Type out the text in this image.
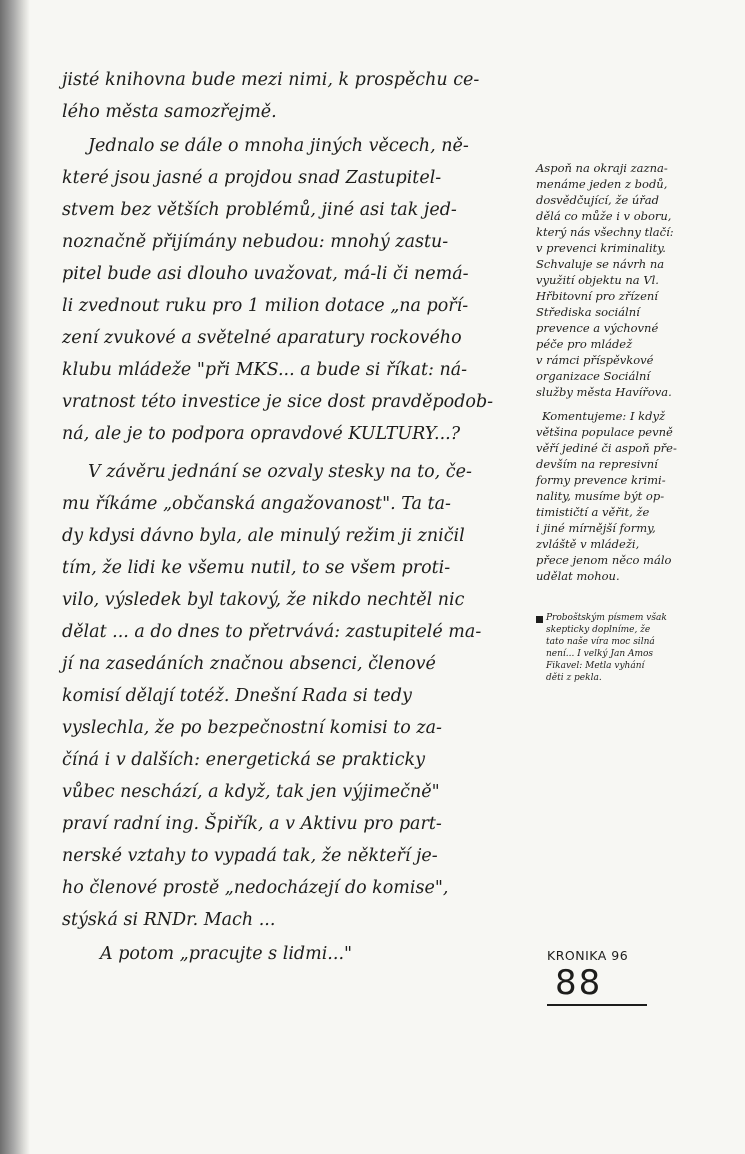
jisté knihovna bude mezi nimi, k prospěchu ce-
lého města samozřejmě.
Jednalo se dále o mnoha jiných věcech, ně-
které jsou jasné a projdou snad Zastupitel-
stvem bez větších problémů, jiné asi tak jed-
noznačně přijímány nebudou: mnohý zastu-
pitel bude asi dlouho uvažovat, má-li či nemá-
li zvednout ruku pro 1 milion dotace „na poří-
zení zvukové a světelné aparatury rockového
klubu mládeže "při MKS... a bude si říkat: ná-
vratnost této investice je sice dost pravděpodob-
ná, ale je to podpora opravdové KULTURY...?
V závěru jednání se ozvaly stesky na to, če-
mu říkáme „občanská angažovanost". Ta ta-
dy kdysi dávno byla, ale minulý režim ji zničil
tím, že lidi ke všemu nutil, to se všem proti-
vilo, výsledek byl takový, že nikdo nechtěl nic
dělat ... a do dnes to přetrvává: zastupitelé ma-
jí na zasedáních značnou absenci, členové
komisí dělají totéž. Dnešní Rada si tedy
vyslechla, že po bezpečnostní komisi to za-
číná i v dalších: energetická se prakticky
vůbec neschází, a když, tak jen výjimečně"
praví radní ing. Špiřík, a v Aktivu pro part-
nerské vztahy to vypadá tak, že někteří je-
ho členové prostě „nedocházejí do komise",
stýská si RNDr. Mach ...
A potom „pracujte s lidmi..."
Aspoň na okraji zazna-
menáme jeden z bodů,
dosvědčující, že úřad
dělá co může i v oboru,
který nás všechny tlačí:
v prevenci kriminality.
Schvaluje se návrh na
využití objektu na Vl.
Hřbitovní pro zřízení
Střediska sociální
prevence a výchovné
péče pro mládež
v rámci příspěvkové
organizace Sociální
služby města Havířova.
Komentujeme: I když
většina populace pevně
věří jediné či aspoň pře-
devším na represivní
formy prevence krimi-
nality, musíme být op-
timističtí a věřit, že
i jiné mírnější formy,
zvláště v mládeži,
přece jenom něco málo
udělat mohou.
Proboštským písmem však
skepticky doplníme, že
tato naše víra moc silná
není... I velký Jan Amos
Fikavel: Metla vyhání
děti z pekla.
KRONIKA 96
88
